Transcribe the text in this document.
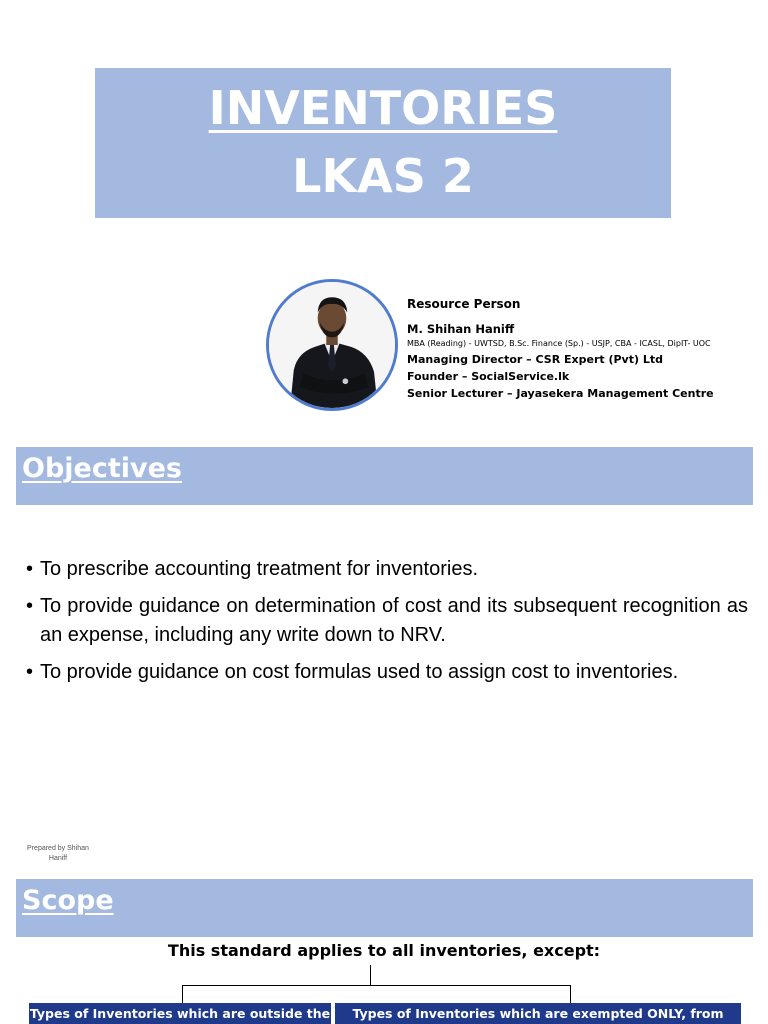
INVENTORIES
LKAS 2
Resource Person
M. Shihan Haniff
MBA (Reading) - UWTSD, B.Sc. Finance (Sp.) - USJP, CBA - ICASL, DipIT- UOC
Managing Director – CSR Expert (Pvt) Ltd
Founder – SocialService.lk
Senior Lecturer – Jayasekera Management Centre
Objectives
• To prescribe accounting treatment for inventories.
• To provide guidance on determination of cost and its subsequent recognition as an expense, including any write down to NRV.
• To provide guidance on cost formulas used to assign cost to inventories.
Prepared by Shihan Haniff
Scope
This standard applies to all inventories, except:
Types of Inventories which are outside the	Types of Inventories which are exempted ONLY, from
